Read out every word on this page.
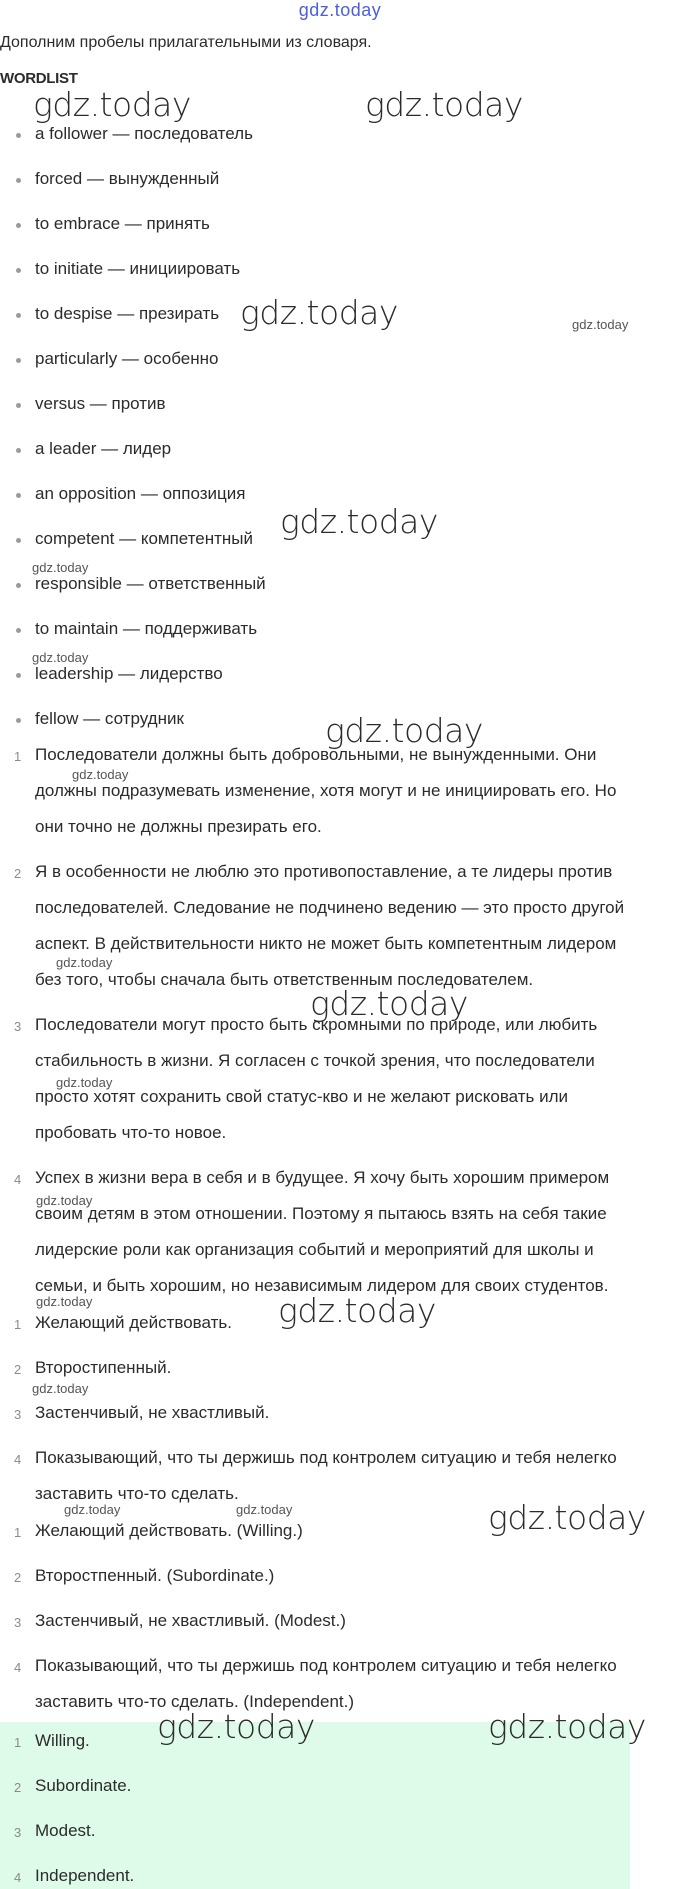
gdz.today
Дополним пробелы прилагательными из словаря.
WORDLIST
a follower — последователь
forced — вынужденный
to embrace — принять
to initiate — инициировать
to despise — презирать
particularly — особенно
versus — против
a leader — лидер
an opposition — оппозиция
competent — компетентный
responsible — ответственный
to maintain — поддерживать
leadership — лидерство
fellow — сотрудник
1 Последователи должны быть добровольными, не вынужденными. Они
должны подразумевать изменение, хотя могут и не инициировать его. Но
они точно не должны презирать его.
2 Я в особенности не люблю это противопоставление, а те лидеры против
последователей. Следование не подчинено ведению — это просто другой
аспект. В действительности никто не может быть компетентным лидером
без того, чтобы сначала быть ответственным последователем.
3 Последователи могут просто быть скромными по природе, или любить
стабильность в жизни. Я согласен с точкой зрения, что последователи
просто хотят сохранить свой статус-кво и не желают рисковать или
пробовать что-то новое.
4 Успех в жизни вера в себя и в будущее. Я хочу быть хорошим примером
своим детям в этом отношении. Поэтому я пытаюсь взять на себя такие
лидерские роли как организация событий и мероприятий для школы и
семьи, и быть хорошим, но независимым лидером для своих студентов.
1 Желающий действовать.
2 Второстипенный.
3 Застенчивый, не хвастливый.
4 Показывающий, что ты держишь под контролем ситуацию и тебя нелегко
заставить что-то сделать.
1 Желающий действовать. (Willing.)
2 Второстпенный. (Subordinate.)
3 Застенчивый, не хвастливый. (Modest.)
4 Показывающий, что ты держишь под контролем ситуацию и тебя нелегко
заставить что-то сделать. (Independent.)
1 Willing.
2 Subordinate.
3 Modest.
4 Independent.
gdz.today	gdz.today
gdz.today
gdz.today
gdz.today
gdz.today
gdz.today
gdz.today
gdz.today	gdz.today
gdz.today
gdz.today
gdz.today
gdz.today
gdz.today
gdz.today
gdz.today
gdz.today
gdz.today
gdz.today	gdz.today
